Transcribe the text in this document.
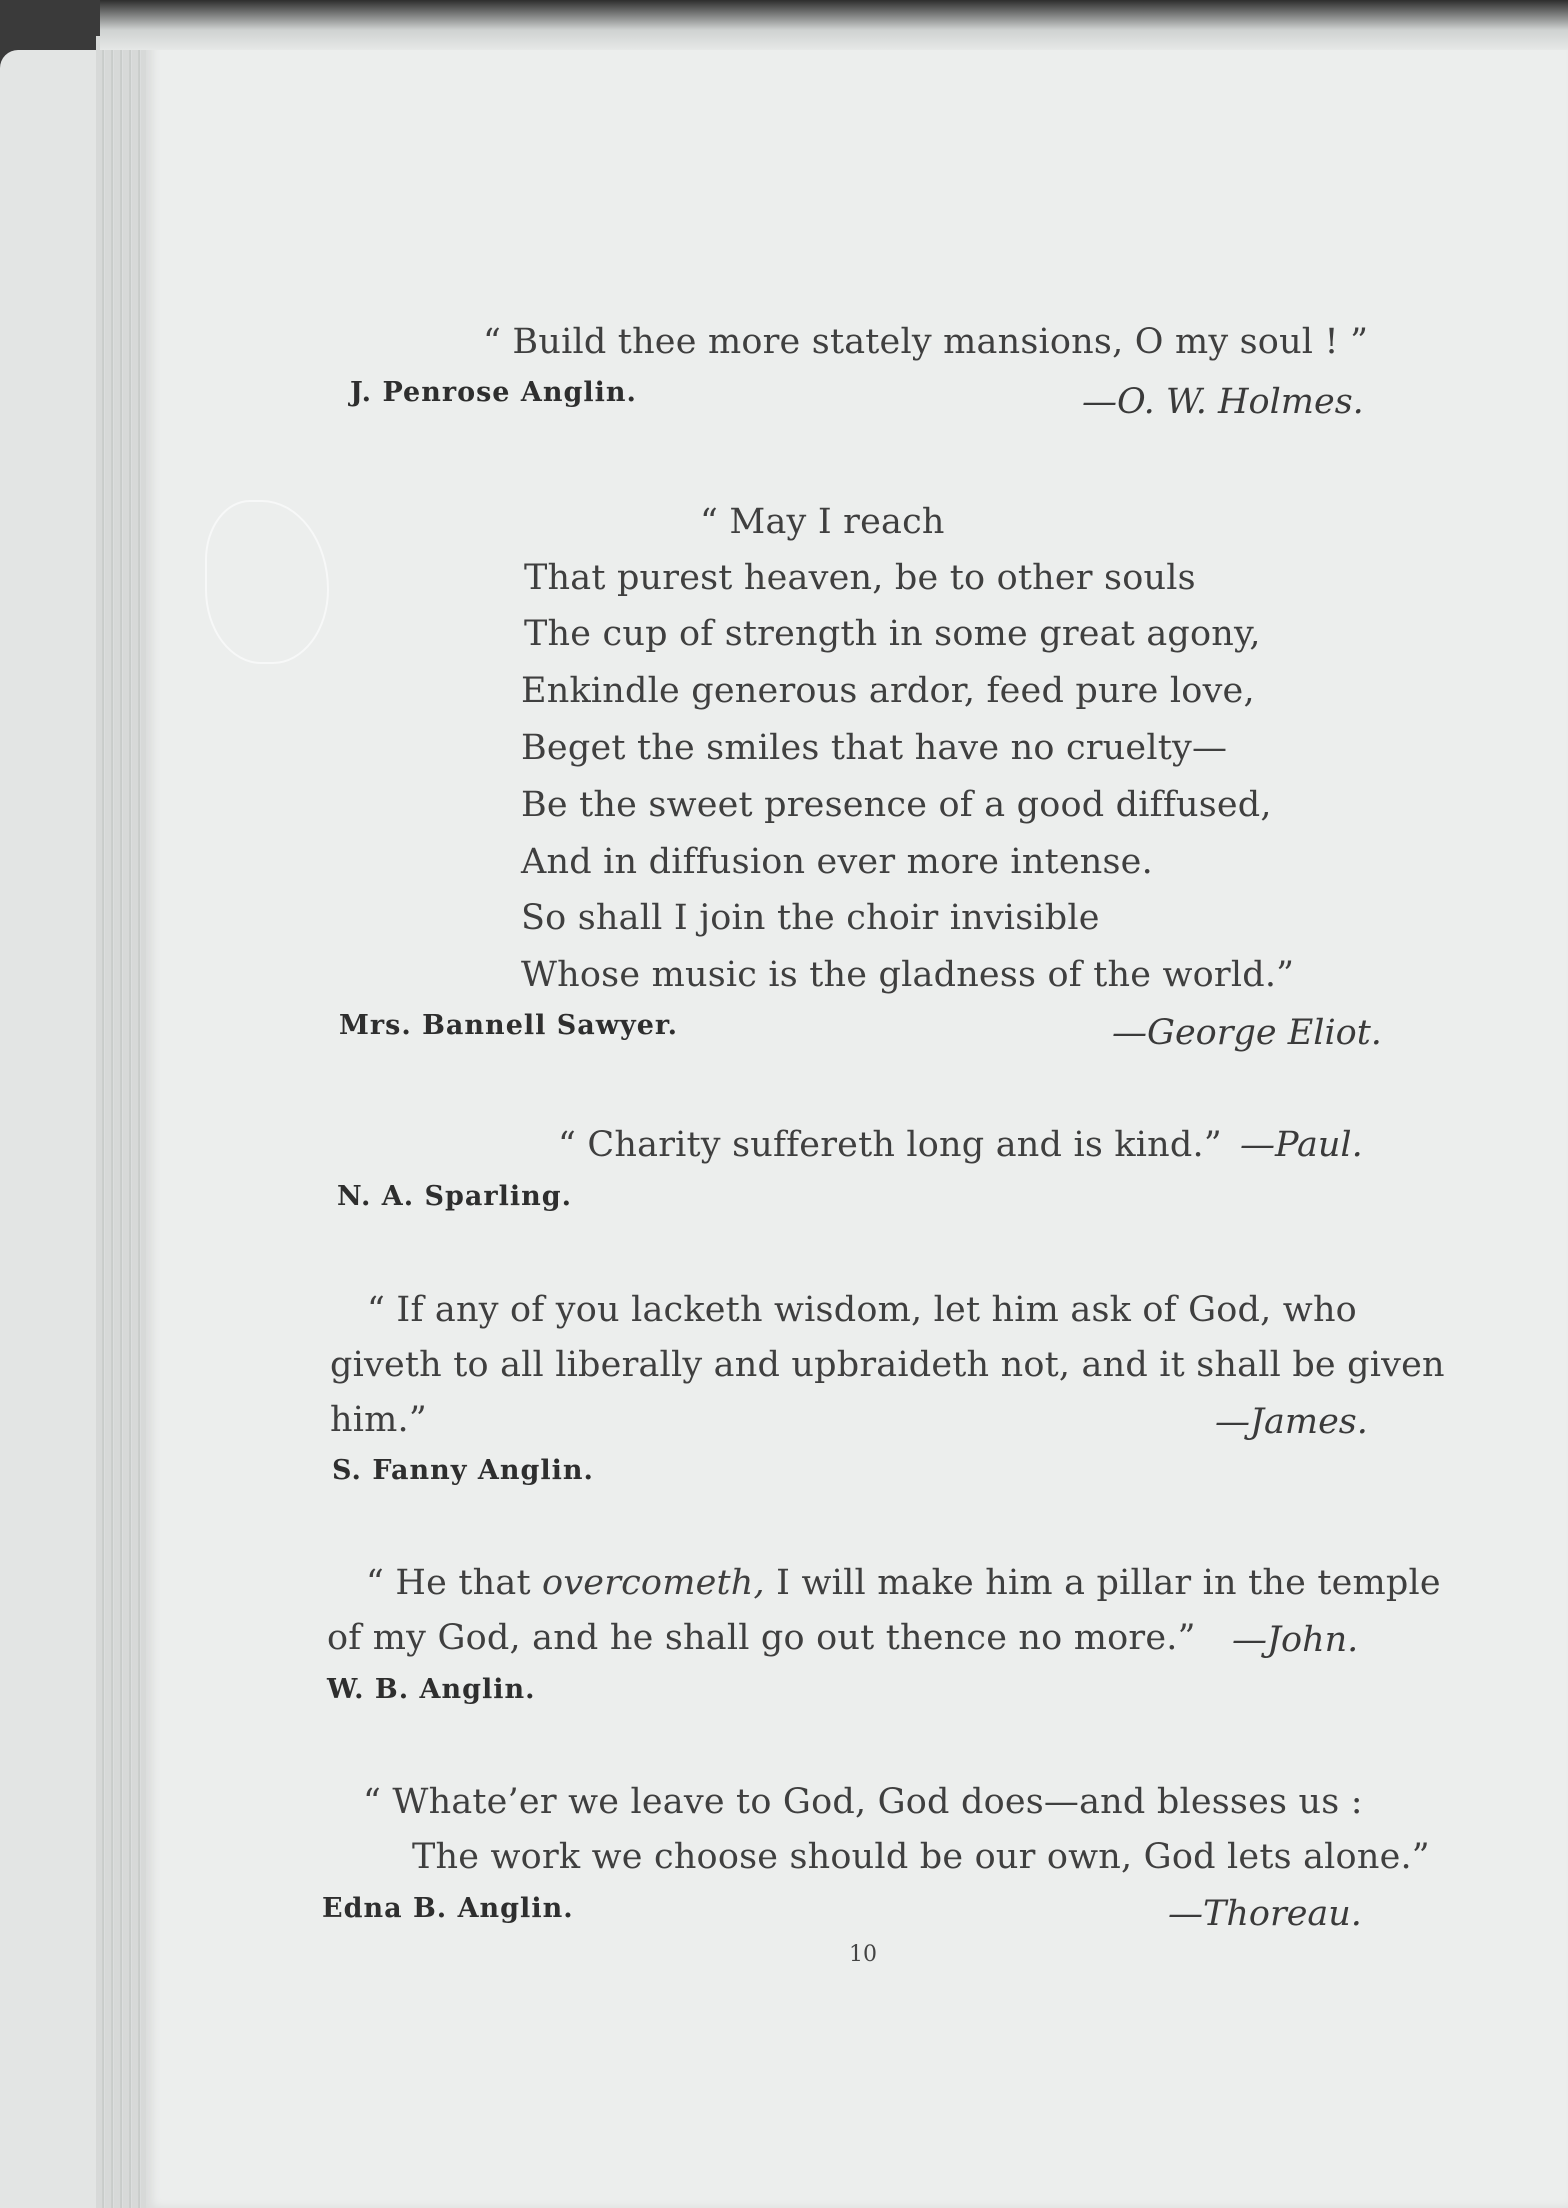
“ Build thee more stately mansions, O my soul ! ”
J. Penrose Anglin.	—O. W. Holmes.
“ May I reach
That purest heaven, be to other souls
The cup of strength in some great agony,
Enkindle generous ardor, feed pure love,
Beget the smiles that have no cruelty—
Be the sweet presence of a good diffused,
And in diffusion ever more intense.
So shall I join the choir invisible
Whose music is the gladness of the world.”
Mrs. Bannell Sawyer.	—George Eliot.
“ Charity suffereth long and is kind.” —Paul.
N. A. Sparling.
“ If any of you lacketh wisdom, let him ask of God, who
giveth to all liberally and upbraideth not, and it shall be given
him.”	—James.
S. Fanny Anglin.
“ He that overcometh, I will make him a pillar in the temple
of my God, and he shall go out thence no more.” —John.
W. B. Anglin.
“ Whate’er we leave to God, God does—and blesses us :
The work we choose should be our own, God lets alone.”
Edna B. Anglin.	—Thoreau.
10
